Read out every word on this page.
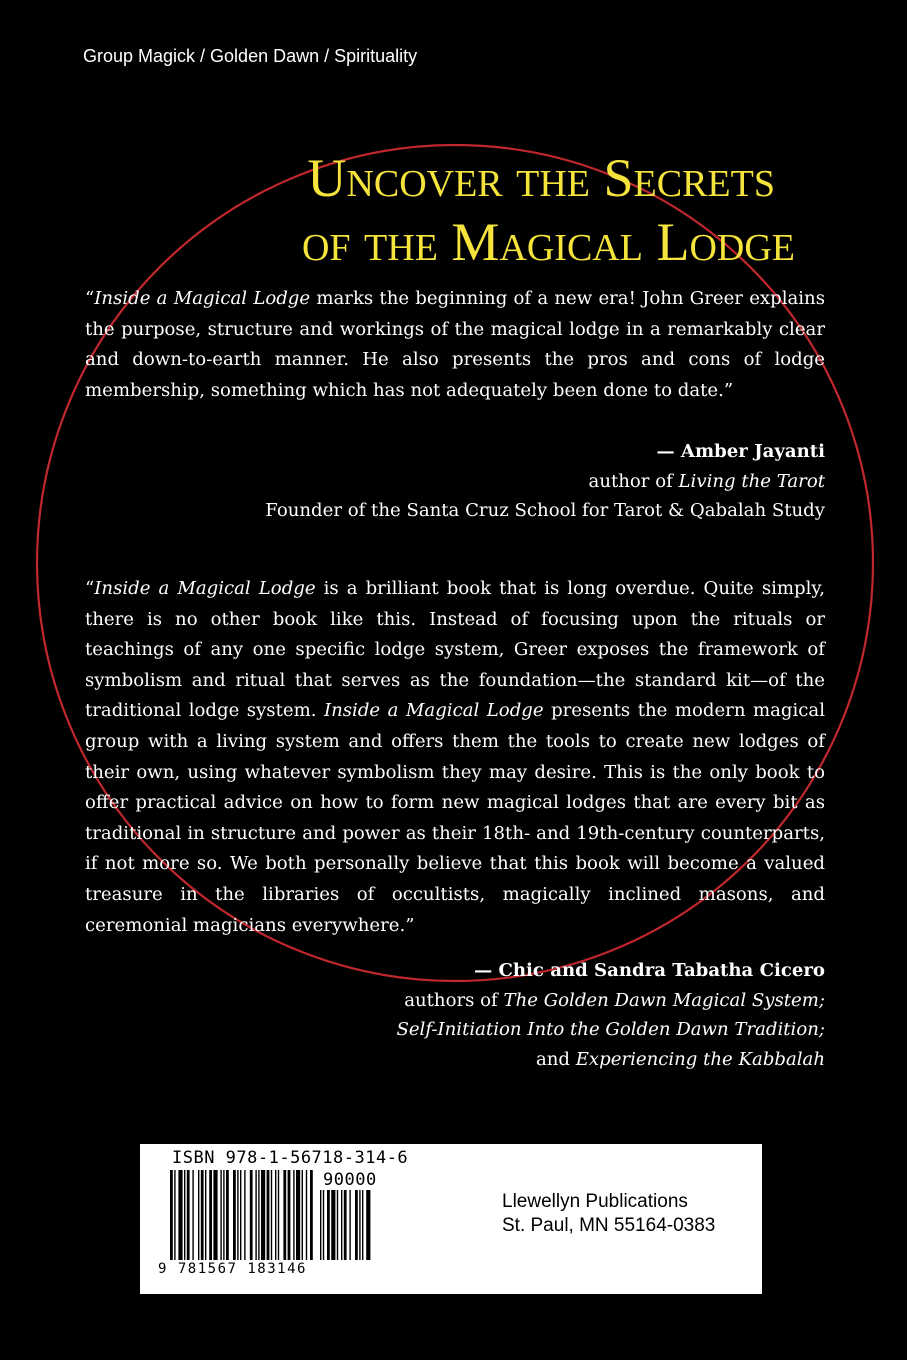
Group Magick / Golden Dawn / Spirituality
Uncover the Secrets
of the Magical Lodge
“Inside a Magical Lodge marks the beginning of a new era! John Greer explains the purpose, structure and workings of the magical lodge in a remarkably clear and down-to-earth manner. He also presents the pros and cons of lodge membership, something which has not adequately been done to date.”
— Amber Jayanti
author of Living the Tarot
Founder of the Santa Cruz School for Tarot & Qabalah Study
“Inside a Magical Lodge is a brilliant book that is long overdue. Quite simply, there is no other book like this. Instead of focusing upon the rituals or teachings of any one specific lodge system, Greer exposes the framework of symbolism and ritual that serves as the foundation—the standard kit—of the traditional lodge system. Inside a Magical Lodge presents the modern magical group with a living system and offers them the tools to create new lodges of their own, using whatever symbolism they may desire. This is the only book to offer practical advice on how to form new magical lodges that are every bit as traditional in structure and power as their 18th- and 19th-century counterparts, if not more so. We both personally believe that this book will become a valued treasure in the libraries of occultists, magically inclined masons, and ceremonial magicians everywhere.”
— Chic and Sandra Tabatha Cicero
authors of The Golden Dawn Magical System;
Self-Initiation Into the Golden Dawn Tradition;
and Experiencing the Kabbalah
ISBN 978-1-56718-314-6
90000
9 781567 183146
Llewellyn Publications
St. Paul, MN 55164-0383
